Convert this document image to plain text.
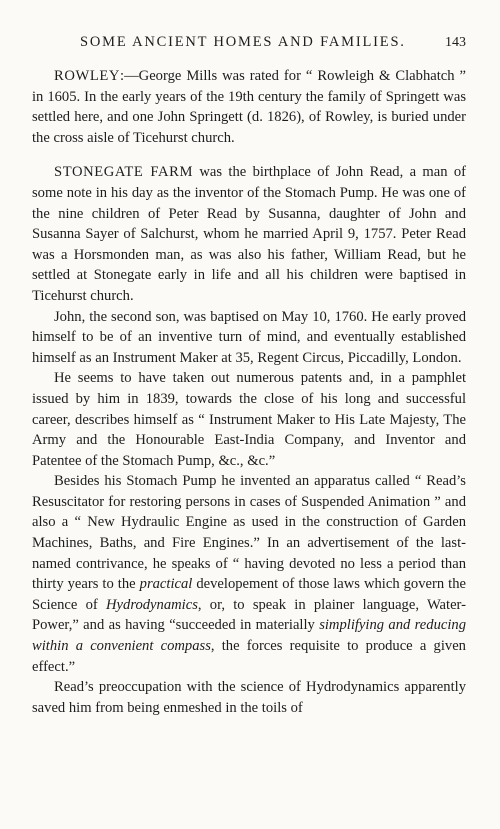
SOME ANCIENT HOMES AND FAMILIES.	143

ROWLEY:—George Mills was rated for “ Rowleigh & Clabhatch ” in 1605. In the early years of the 19th century the family of Springett was settled here, and one John Springett (d. 1826), of Rowley, is buried under the cross aisle of Ticehurst church.

STONEGATE FARM was the birthplace of John Read, a man of some note in his day as the inventor of the Stomach Pump. He was one of the nine children of Peter Read by Susanna, daughter of John and Susanna Sayer of Salchurst, whom he married April 9, 1757. Peter Read was a Horsmonden man, as was also his father, William Read, but he settled at Stonegate early in life and all his children were baptised in Ticehurst church.

John, the second son, was baptised on May 10, 1760. He early proved himself to be of an inventive turn of mind, and eventually established himself as an Instrument Maker at 35, Regent Circus, Piccadilly, London.

He seems to have taken out numerous patents and, in a pamphlet issued by him in 1839, towards the close of his long and successful career, describes himself as “ Instrument Maker to His Late Majesty, The Army and the Honourable East-India Company, and Inventor and Patentee of the Stomach Pump, &c., &c.”

Besides his Stomach Pump he invented an apparatus called “ Read’s Resuscitator for restoring persons in cases of Suspended Animation ” and also a “ New Hydraulic Engine as used in the construction of Garden Machines, Baths, and Fire Engines.” In an advertisement of the last-named contrivance, he speaks of “ having devoted no less a period than thirty years to the practical developement of those laws which govern the Science of Hydrodynamics, or, to speak in plainer language, Water-Power,” and as having “succeeded in materially simplifying and reducing within a convenient compass, the forces requisite to produce a given effect.”

Read’s preoccupation with the science of Hydrodynamics apparently saved him from being enmeshed in the toils of
